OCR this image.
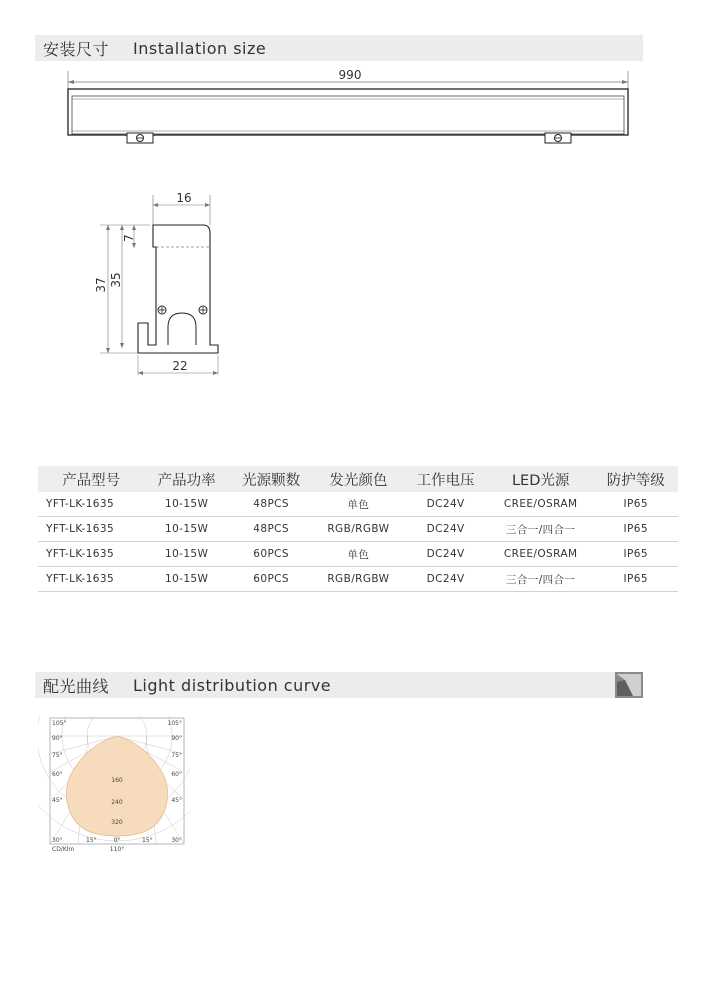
安装尺寸 Installation size
990
16
37 35
7
22
产品型号	产品功率	光源颗数	发光颜色	工作电压	LED光源	防护等级
YFT-LK-1635	10-15W	48PCS	单色	DC24V	CREE/OSRAM	IP65
YFT-LK-1635	10-15W	48PCS	RGB/RGBW	DC24V	三合一/四合一	IP65
YFT-LK-1635	10-15W	60PCS	单色	DC24V	CREE/OSRAM	IP65
YFT-LK-1635	10-15W	60PCS	RGB/RGBW	DC24V	三合一/四合一	IP65
配光曲线 Light distribution curve
105°
90°
75°
60°
45°
105°
90°
75°
60°
45°
160
240
320
30°	15°	0°	15°	30°
CD/Klm	110°
